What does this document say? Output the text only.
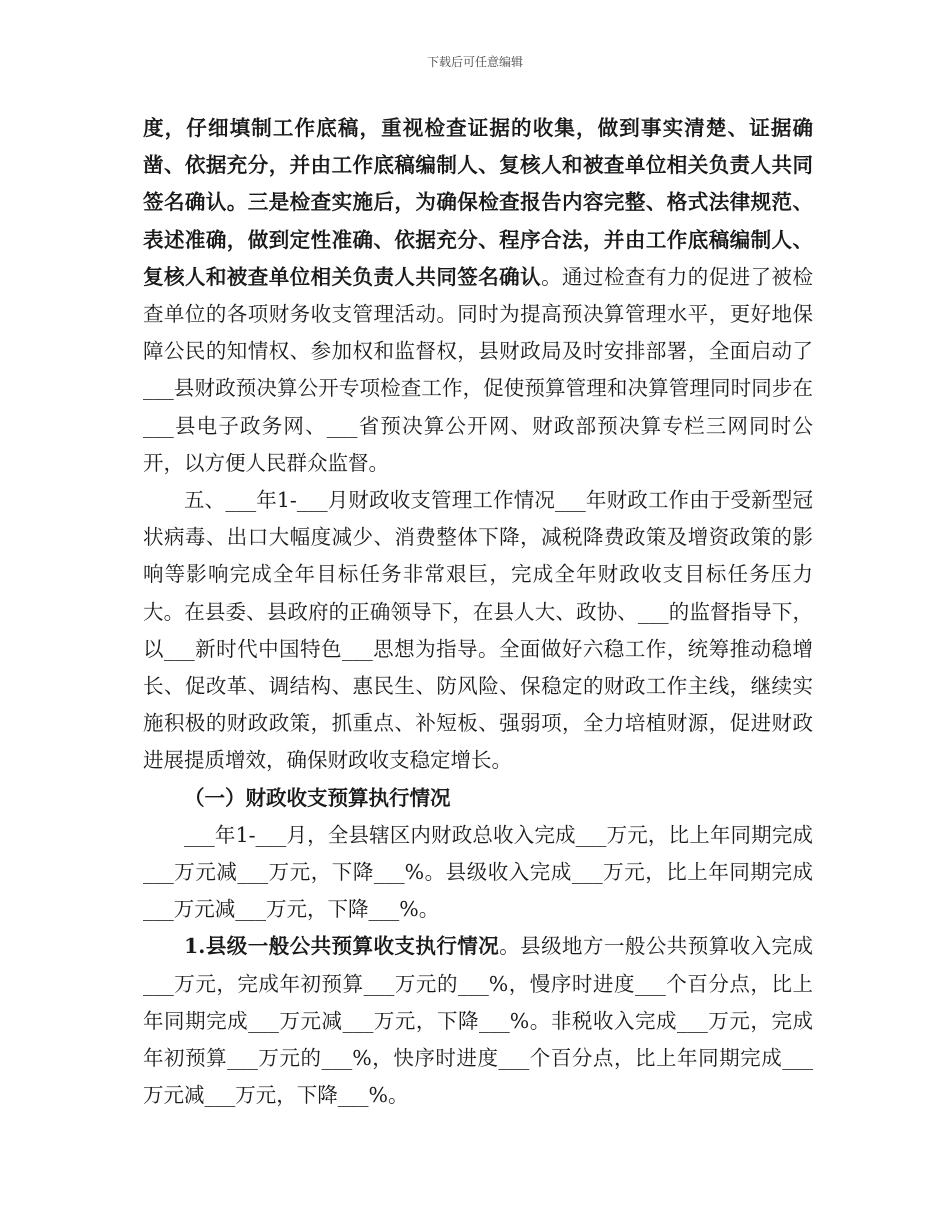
下载后可任意编辑

度，仔细填制工作底稿，重视检查证据的收集，做到事实清楚、证据确凿、依据充分，并由工作底稿编制人、复核人和被查单位相关负责人共同签名确认。三是检查实施后，为确保检查报告内容完整、格式法律规范、表述准确，做到定性准确、依据充分、程序合法，并由工作底稿编制人、复核人和被查单位相关负责人共同签名确认。通过检查有力的促进了被检查单位的各项财务收支管理活动。同时为提高预决算管理水平，更好地保障公民的知情权、参加权和监督权，县财政局及时安排部署，全面启动了___县财政预决算公开专项检查工作，促使预算管理和决算管理同时同步在___县电子政务网、___省预决算公开网、财政部预决算专栏三网同时公开，以方便人民群众监督。

五、___年1-___月财政收支管理工作情况___年财政工作由于受新型冠状病毒、出口大幅度减少、消费整体下降，减税降费政策及增资政策的影响等影响完成全年目标任务非常艰巨，完成全年财政收支目标任务压力大。在县委、县政府的正确领导下，在县人大、政协、___的监督指导下，以___新时代中国特色___思想为指导。全面做好六稳工作，统筹推动稳增长、促改革、调结构、惠民生、防风险、保稳定的财政工作主线，继续实施积极的财政政策，抓重点、补短板、强弱项，全力培植财源，促进财政进展提质增效，确保财政收支稳定增长。

（一）财政收支预算执行情况

___年1-___月，全县辖区内财政总收入完成___万元，比上年同期完成___万元减___万元，下降___%。县级收入完成___万元，比上年同期完成___万元减___万元，下降___%。

1.县级一般公共预算收支执行情况。县级地方一般公共预算收入完成___万元，完成年初预算___万元的___%，慢序时进度___个百分点，比上年同期完成___万元减___万元，下降___%。非税收入完成___万元，完成年初预算___万元的___%，快序时进度___个百分点，比上年同期完成___万元减___万元，下降___%。
